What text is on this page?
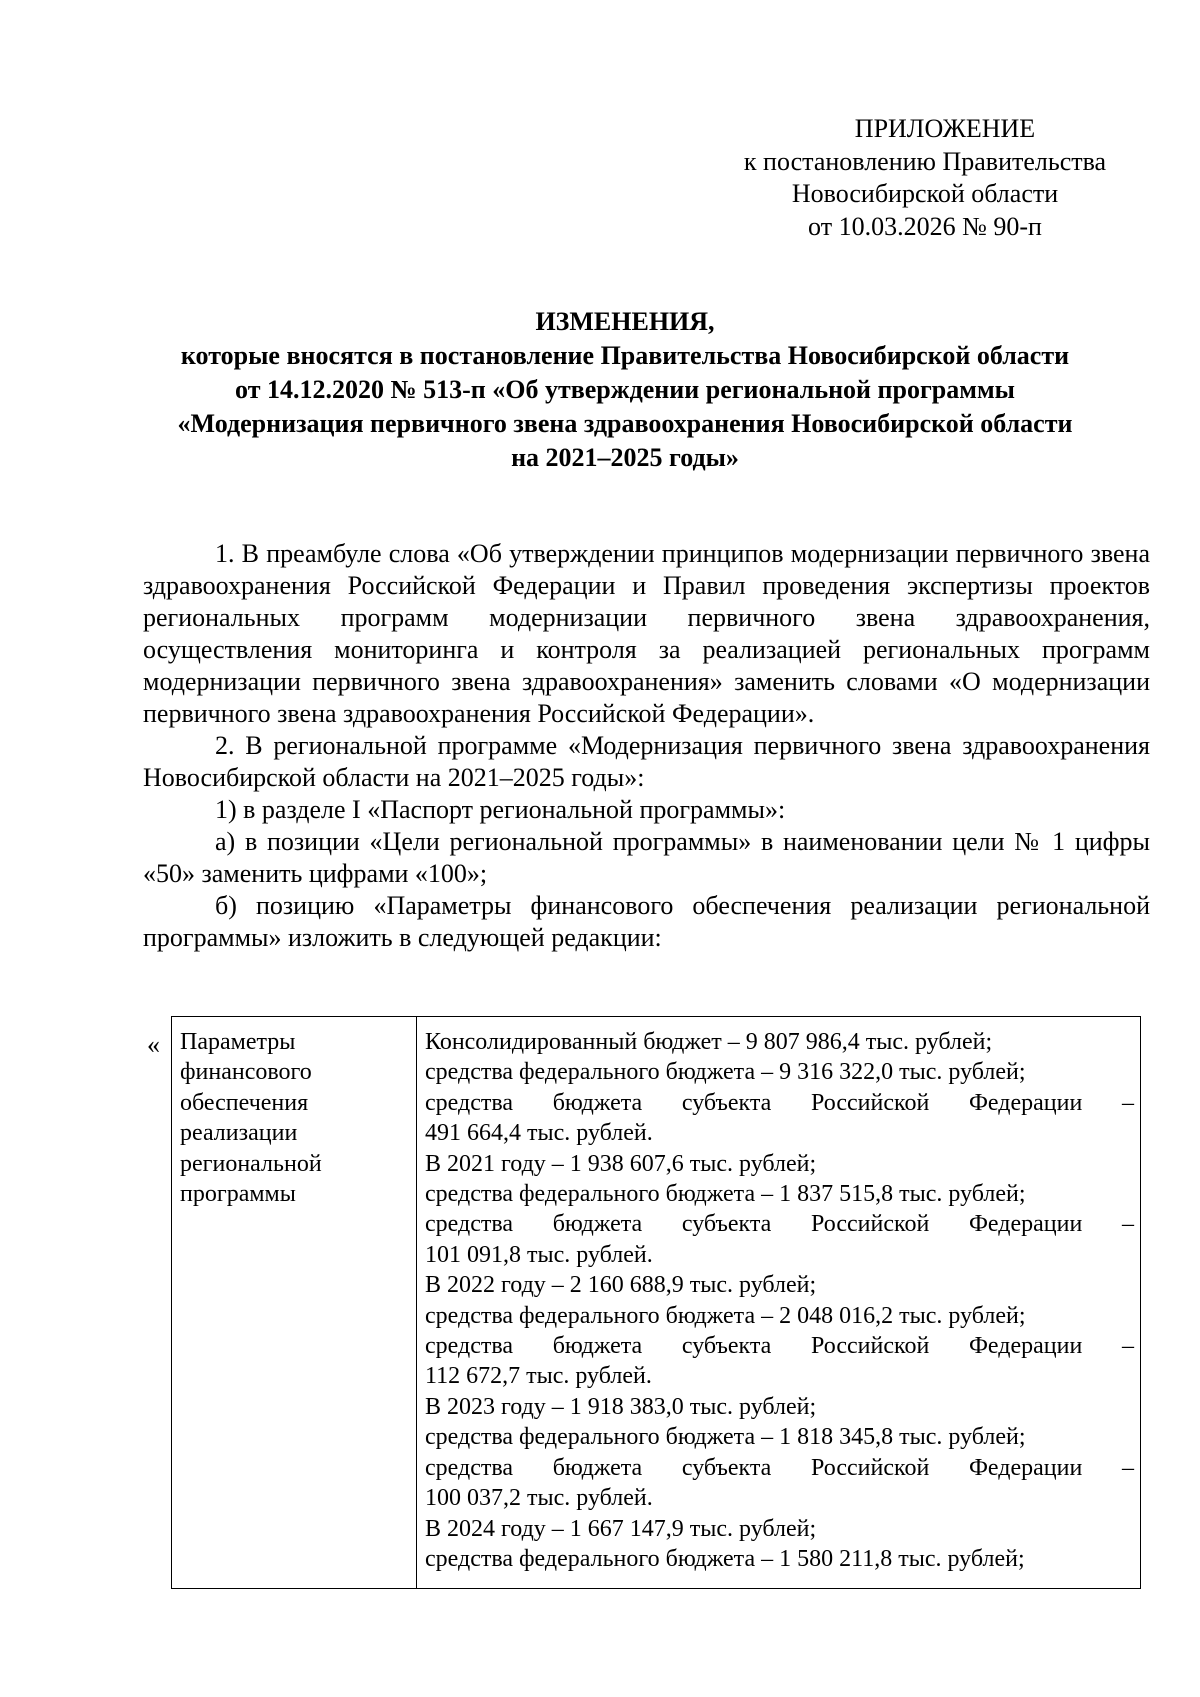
ПРИЛОЖЕНИЕ
к постановлению Правительства
Новосибирской области
от 10.03.2026 № 90-п
ИЗМЕНЕНИЯ,
которые вносятся в постановление Правительства Новосибирской области
от 14.12.2020 № 513-п «Об утверждении региональной программы
«Модернизация первичного звена здравоохранения Новосибирской области
на 2021–2025 годы»

1. В преамбуле слова «Об утверждении принципов модернизации первичного звена здравоохранения Российской Федерации и Правил проведения экспертизы проектов региональных программ модернизации первичного звена здравоохранения, осуществления мониторинга и контроля за реализацией региональных программ модернизации первичного звена здравоохранения» заменить словами «О модернизации первичного звена здравоохранения Российской Федерации».

2. В региональной программе «Модернизация первичного звена здравоохранения Новосибирской области на 2021–2025 годы»:

1) в разделе I «Паспорт региональной программы»:

а) в позиции «Цели региональной программы» в наименовании цели № 1 цифры «50» заменить цифрами «100»;

б) позицию «Параметры финансового обеспечения реализации региональной программы» изложить в следующей редакции:

« Параметры
финансового
обеспечения
реализации
региональной
программы

Консолидированный бюджет – 9 807 986,4 тыс. рублей;
средства федерального бюджета – 9 316 322,0 тыс. рублей;
средства бюджета субъекта Российской Федерации –
491 664,4 тыс. рублей.
В 2021 году – 1 938 607,6 тыс. рублей;
средства федерального бюджета – 1 837 515,8 тыс. рублей;
средства бюджета субъекта Российской Федерации –
101 091,8 тыс. рублей.
В 2022 году – 2 160 688,9 тыс. рублей;
средства федерального бюджета – 2 048 016,2 тыс. рублей;
средства бюджета субъекта Российской Федерации –
112 672,7 тыс. рублей.
В 2023 году – 1 918 383,0 тыс. рублей;
средства федерального бюджета – 1 818 345,8 тыс. рублей;
средства бюджета субъекта Российской Федерации –
100 037,2 тыс. рублей.
В 2024 году – 1 667 147,9 тыс. рублей;
средства федерального бюджета – 1 580 211,8 тыс. рублей;
